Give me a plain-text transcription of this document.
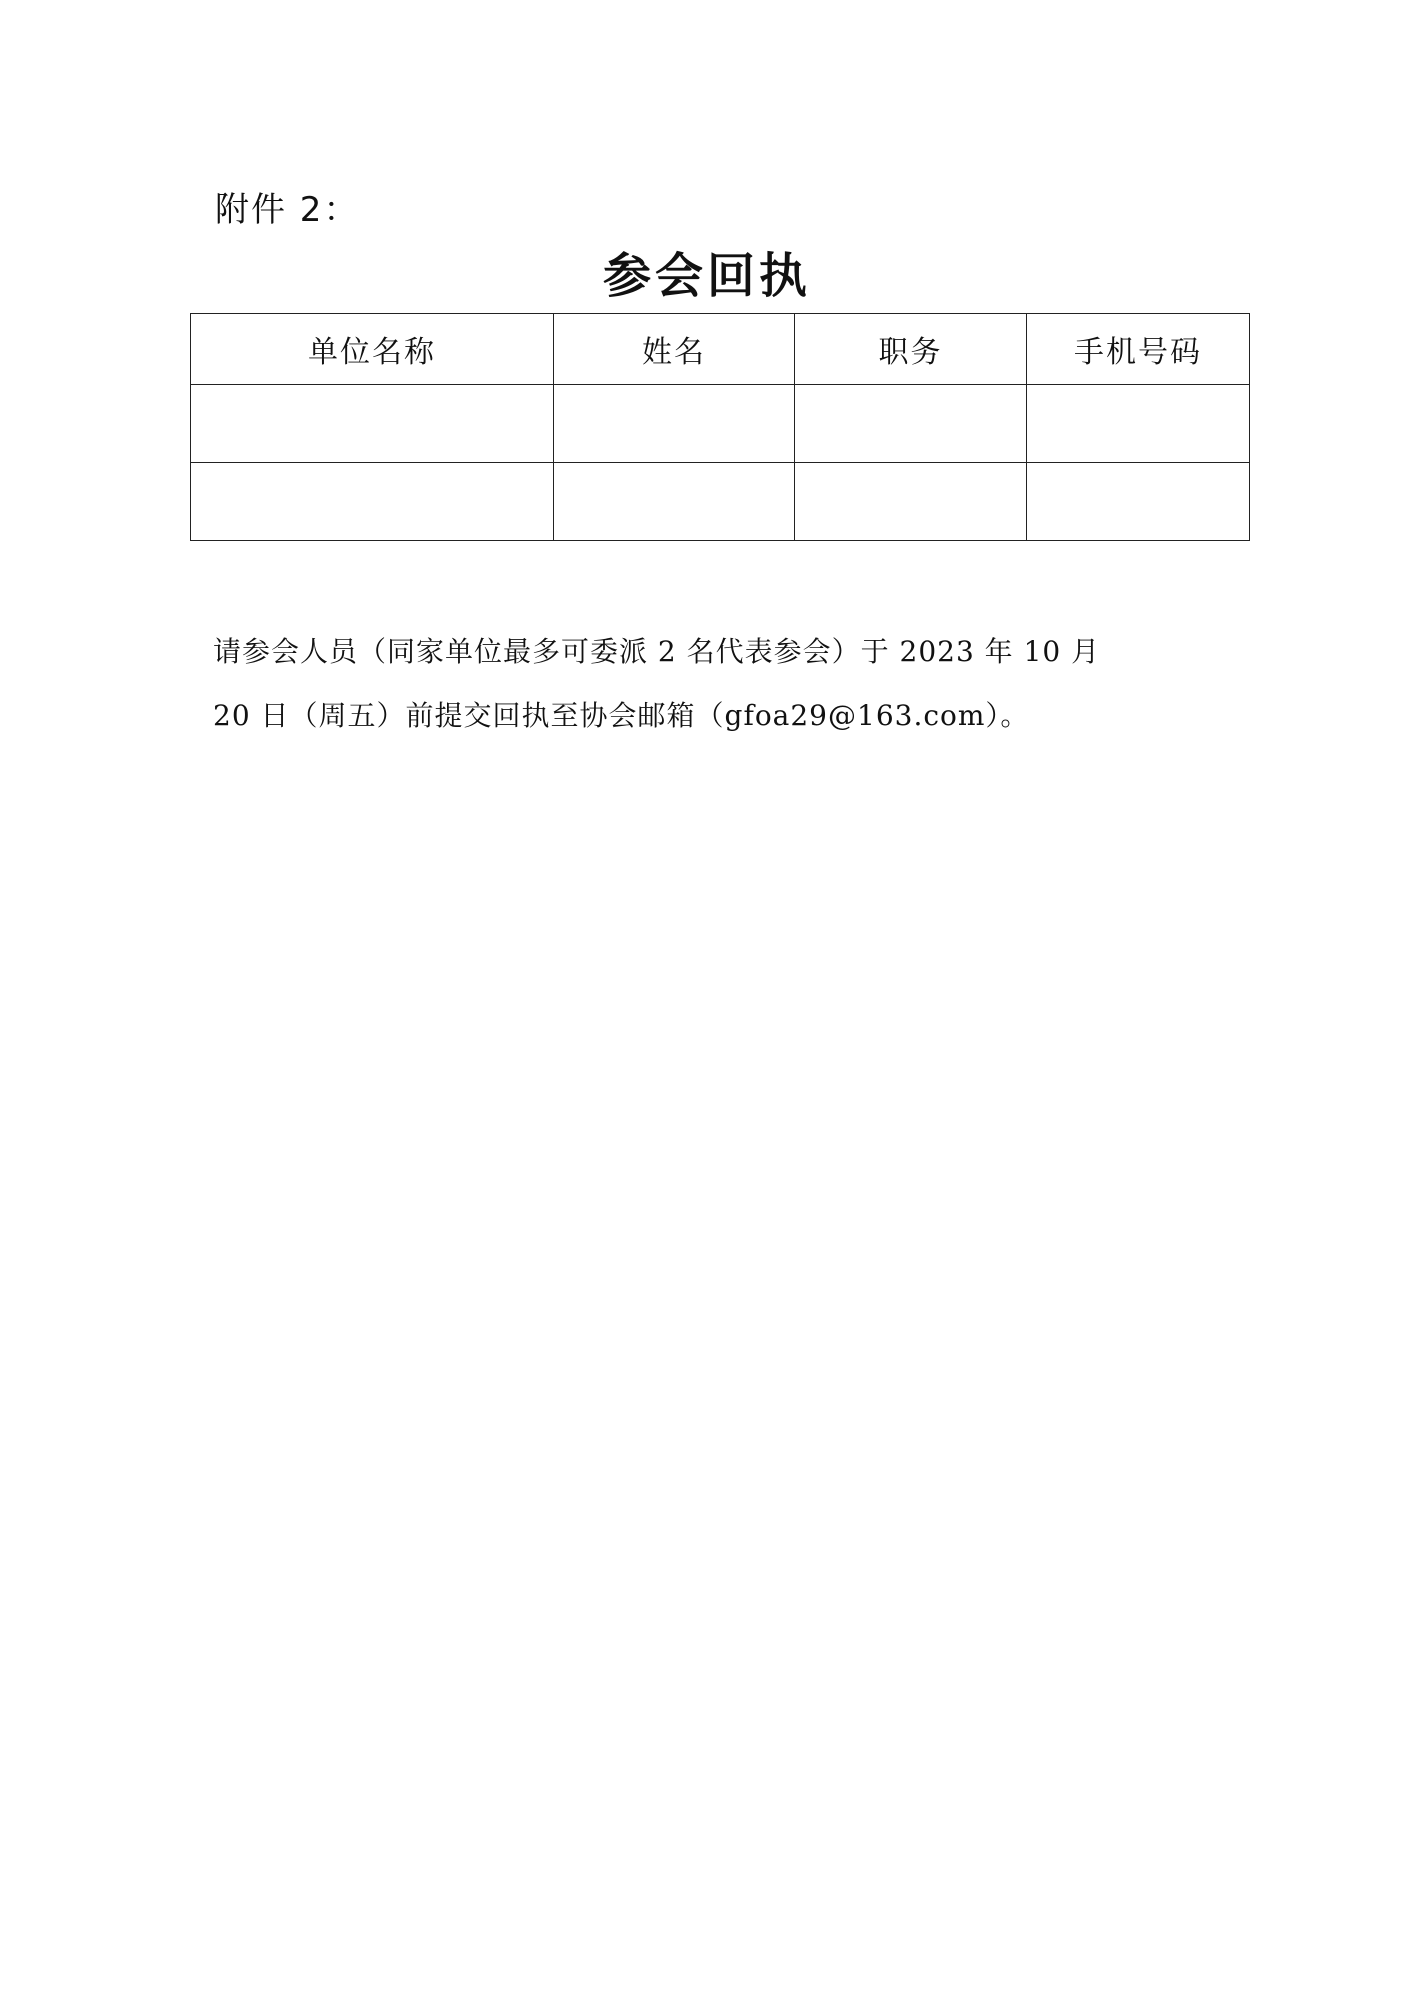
附件 2：
参会回执
单位名称	姓名	职务	手机号码

请参会人员（同家单位最多可委派 2 名代表参会）于 2023 年 10 月
20 日（周五）前提交回执至协会邮箱（gfoa29@163.com）。
